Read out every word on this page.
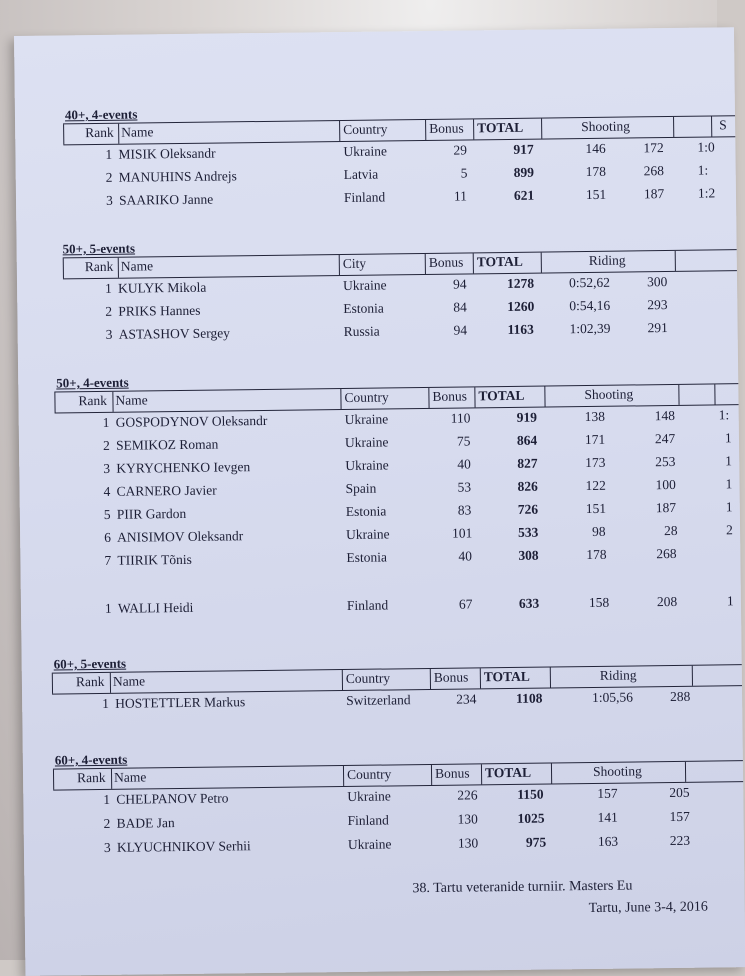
40+, 4-events
Rank Name	Country	Bonus TOTAL	Shooting	S
1 MISIK Oleksandr	Ukraine	29	917	146	172 1:0
2 MANUHINS Andrejs	Latvia	5	899	178	268 1:
3 SAARIKO Janne	Finland	11	621	151	187 1:2
50+, 5-events
Rank Name	City	Bonus TOTAL	Riding
1 KULYK Mikola	Ukraine	94	1278	0:52,62	300
2 PRIKS Hannes	Estonia	84	1260	0:54,16	293
3 ASTASHOV Sergey	Russia	94	1163	1:02,39	291
50+, 4-events
Rank Name	Country	Bonus TOTAL	Shooting
1 GOSPODYNOV Oleksandr	Ukraine	110	919	138	148	1:
2 SEMIKOZ Roman	Ukraine	75	864	171	247	1
3 KYRYCHENKO Ievgen	Ukraine	40	827	173	253	1
4 CARNERO Javier	Spain	53	826	122	100	1
5 PIIR Gardon	Estonia	83	726	151	187	1
6 ANISIMOV Oleksandr	Ukraine	101	533	98	28	2
7 TIIRIK Tõnis	Estonia	40	308	178	268
1 WALLI Heidi	Finland	67	633	158	208	1
60+, 5-events
Rank Name	Country	Bonus TOTAL	Riding
1 HOSTETTLER Markus	Switzerland	234	1108	1:05,56	288
60+, 4-events
Rank Name	Country	Bonus TOTAL	Shooting
1 CHELPANOV Petro	Ukraine	226	1150	157	205
2 BADE Jan	Finland	130	1025	141	157
3 KLYUCHNIKOV Serhii	Ukraine	130	975	163	223
38. Tartu veteranide turniir. Masters Eu
Tartu, June 3-4, 2016
